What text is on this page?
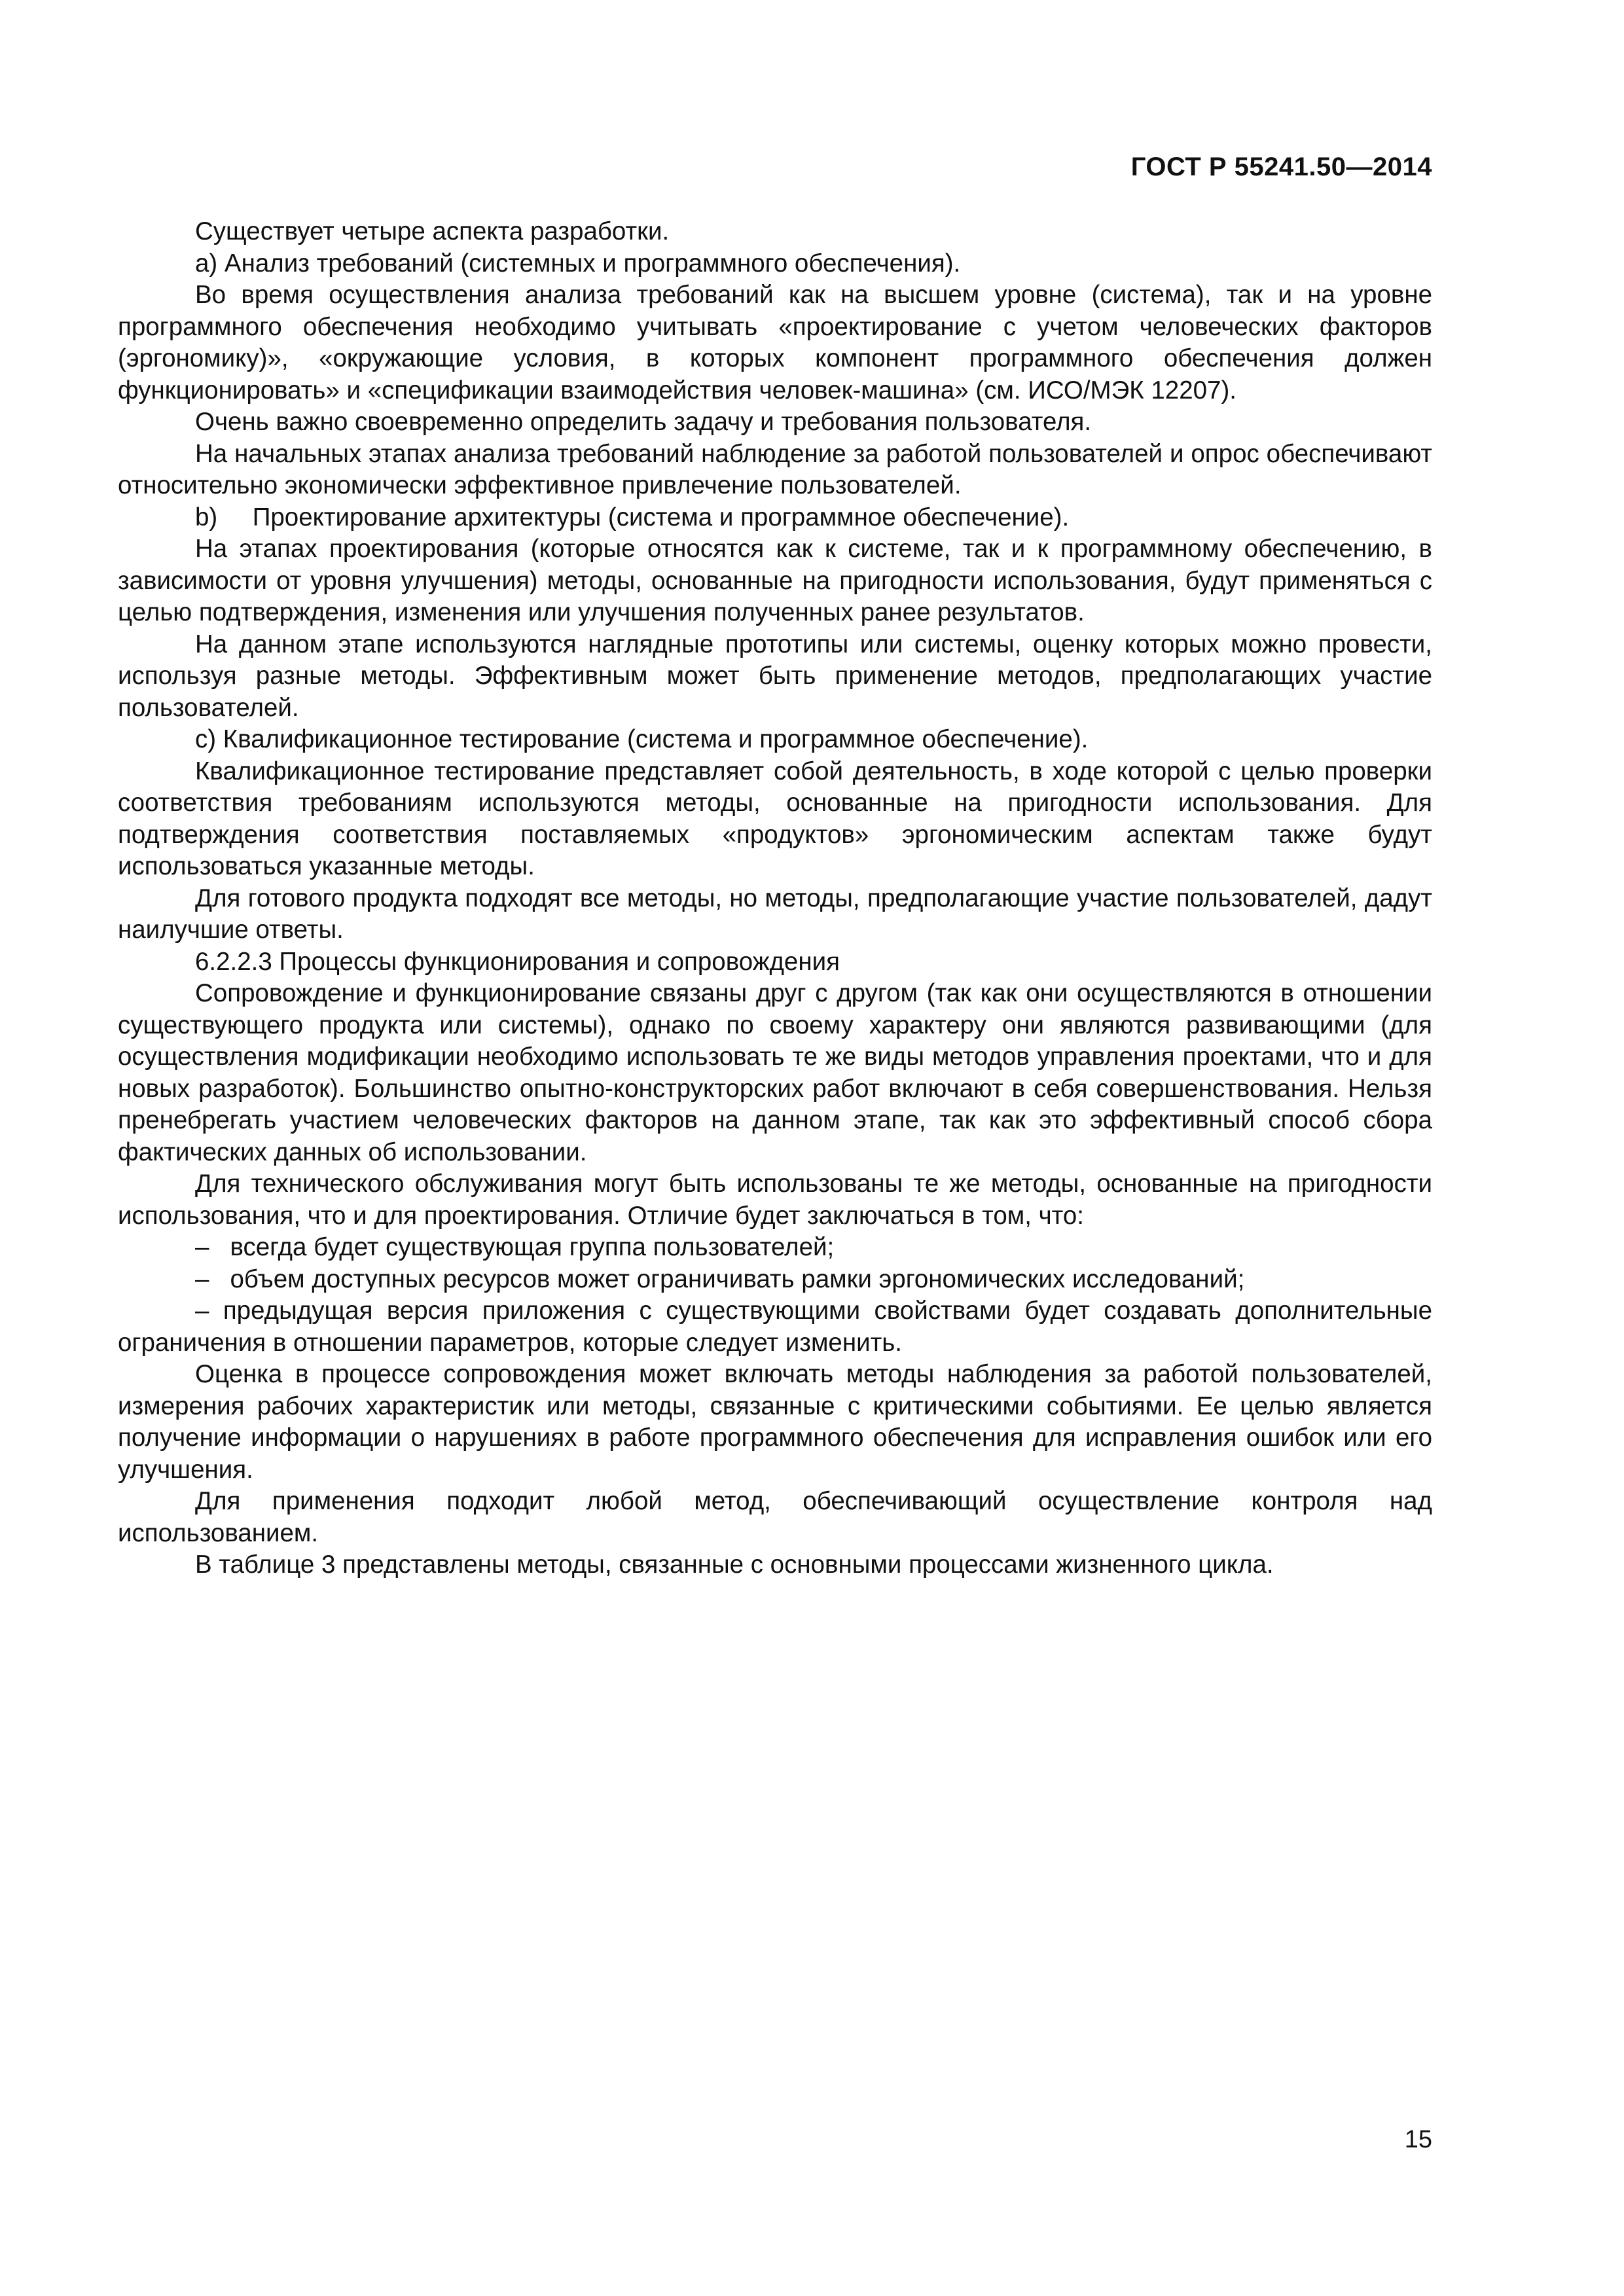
ГОСТ Р 55241.50—2014

Существует четыре аспекта разработки.

а) Анализ требований (системных и программного обеспечения).

Во время осуществления анализа требований как на высшем уровне (система), так и на уровне программного обеспечения необходимо учитывать «проектирование с учетом человеческих факторов (эргономику)», «окружающие условия, в которых компонент программного обеспечения должен функционировать» и «спецификации взаимодействия человек-машина» (см. ИСО/МЭК 12207).

Очень важно своевременно определить задачу и требования пользователя.

На начальных этапах анализа требований наблюдение за работой пользователей и опрос обеспечивают относительно экономически эффективное привлечение пользователей.

b)     Проектирование архитектуры (система и программное обеспечение).

На этапах проектирования (которые относятся как к системе, так и к программному обеспечению, в зависимости от уровня улучшения) методы, основанные на пригодности использования, будут применяться с целью подтверждения, изменения или улучшения полученных ранее результатов.

На данном этапе используются наглядные прототипы или системы, оценку которых можно провести, используя разные методы. Эффективным может быть применение методов, предполагающих участие пользователей.

с) Квалификационное тестирование (система и программное обеспечение).

Квалификационное тестирование представляет собой деятельность, в ходе которой с целью проверки соответствия требованиям используются методы, основанные на пригодности использования. Для подтверждения соответствия поставляемых «продуктов» эргономическим аспектам также будут использоваться указанные методы.

Для готового продукта подходят все методы, но методы, предполагающие участие пользователей, дадут наилучшие ответы.

6.2.2.3 Процессы функционирования и сопровождения

Сопровождение и функционирование связаны друг с другом (так как они осуществляются в отношении существующего продукта или системы), однако по своему характеру они являются развивающими (для осуществления модификации необходимо использовать те же виды методов управления проектами, что и для новых разработок). Большинство опытно-конструкторских работ включают в себя совершенствования. Нельзя пренебрегать участием человеческих факторов на данном этапе, так как это эффективный способ сбора фактических данных об использовании.

Для технического обслуживания могут быть использованы те же методы, основанные на пригодности использования, что и для проектирования. Отличие будет заключаться в том, что:

–   всегда будет существующая группа пользователей;

–   объем доступных ресурсов может ограничивать рамки эргономических исследований;

– предыдущая версия приложения с существующими свойствами будет создавать дополнительные ограничения в отношении параметров, которые следует изменить.

Оценка в процессе сопровождения может включать методы наблюдения за работой пользователей, измерения рабочих характеристик или методы, связанные с критическими событиями. Ее целью является получение информации о нарушениях в работе программного обеспечения для исправления ошибок или его улучшения.

Для применения подходит любой метод, обеспечивающий осуществление контроля над использованием.

В таблице 3 представлены методы, связанные с основными процессами жизненного цикла.

15
